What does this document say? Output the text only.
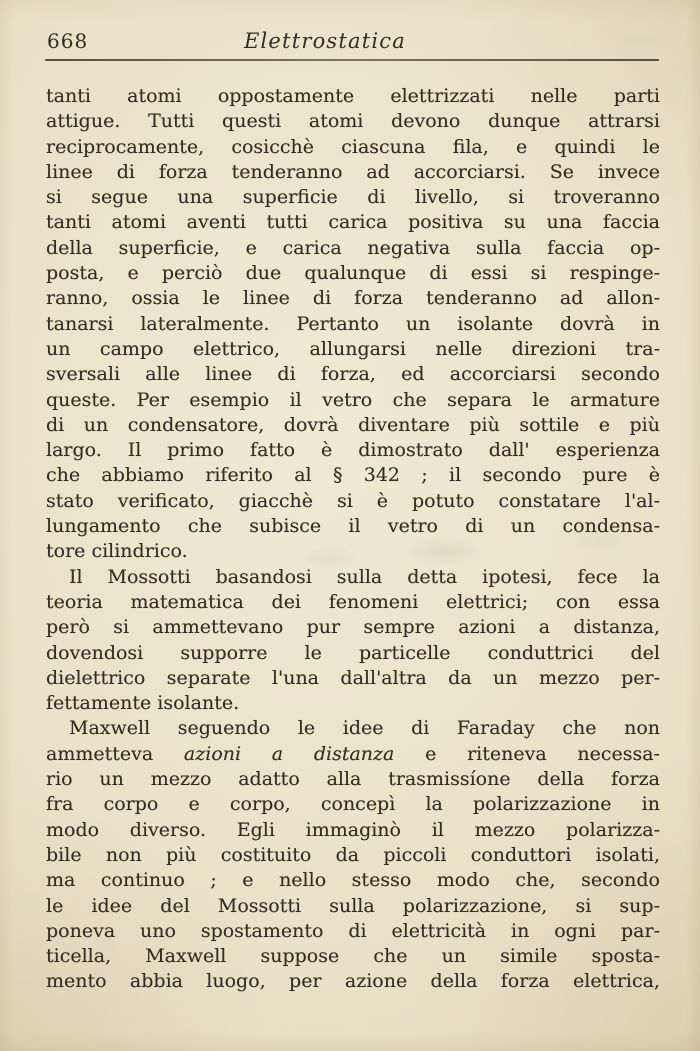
668	Elettrostatica
tanti atomi oppostamente elettrizzati nelle parti
attigue. Tutti questi atomi devono dunque attrarsi
reciprocamente, cosicchè ciascuna fila, e quindi le
linee di forza tenderanno ad accorciarsi. Se invece
si segue una superficie di livello, si troveranno
tanti atomi aventi tutti carica positiva su una faccia
della superficie, e carica negativa sulla faccia op-
posta, e perciò due qualunque di essi si respinge-
ranno, ossia le linee di forza tenderanno ad allon-
tanarsi lateralmente. Pertanto un isolante dovrà in
un campo elettrico, allungarsi nelle direzioni tra-
sversali alle linee di forza, ed accorciarsi secondo
queste. Per esempio il vetro che separa le armature
di un condensatore, dovrà diventare più sottile e più
largo. Il primo fatto è dimostrato dall' esperienza
che abbiamo riferito al § 342 ; il secondo pure è
stato verificato, giacchè si è potuto constatare l'al-
lungamento che subisce il vetro di un condensa-
tore cilindrico.
Il Mossotti basandosi sulla detta ipotesi, fece la
teoria matematica dei fenomeni elettrici; con essa
però si ammettevano pur sempre azioni a distanza,
dovendosi supporre le particelle conduttrici del
dielettrico separate l'una dall'altra da un mezzo per-
fettamente isolante.
Maxwell seguendo le idee di Faraday che non
ammetteva azioni a distanza e riteneva necessa-
rio un mezzo adatto alla trasmissíone della forza
fra corpo e corpo, concepì la polarizzazione in
modo diverso. Egli immaginò il mezzo polarizza-
bile non più costituito da piccoli conduttori isolati,
ma continuo ; e nello stesso modo che, secondo
le idee del Mossotti sulla polarizzazione, si sup-
poneva uno spostamento di elettricità in ogni par-
ticella, Maxwell suppose che un simile sposta-
mento abbia luogo, per azione della forza elettrica,
